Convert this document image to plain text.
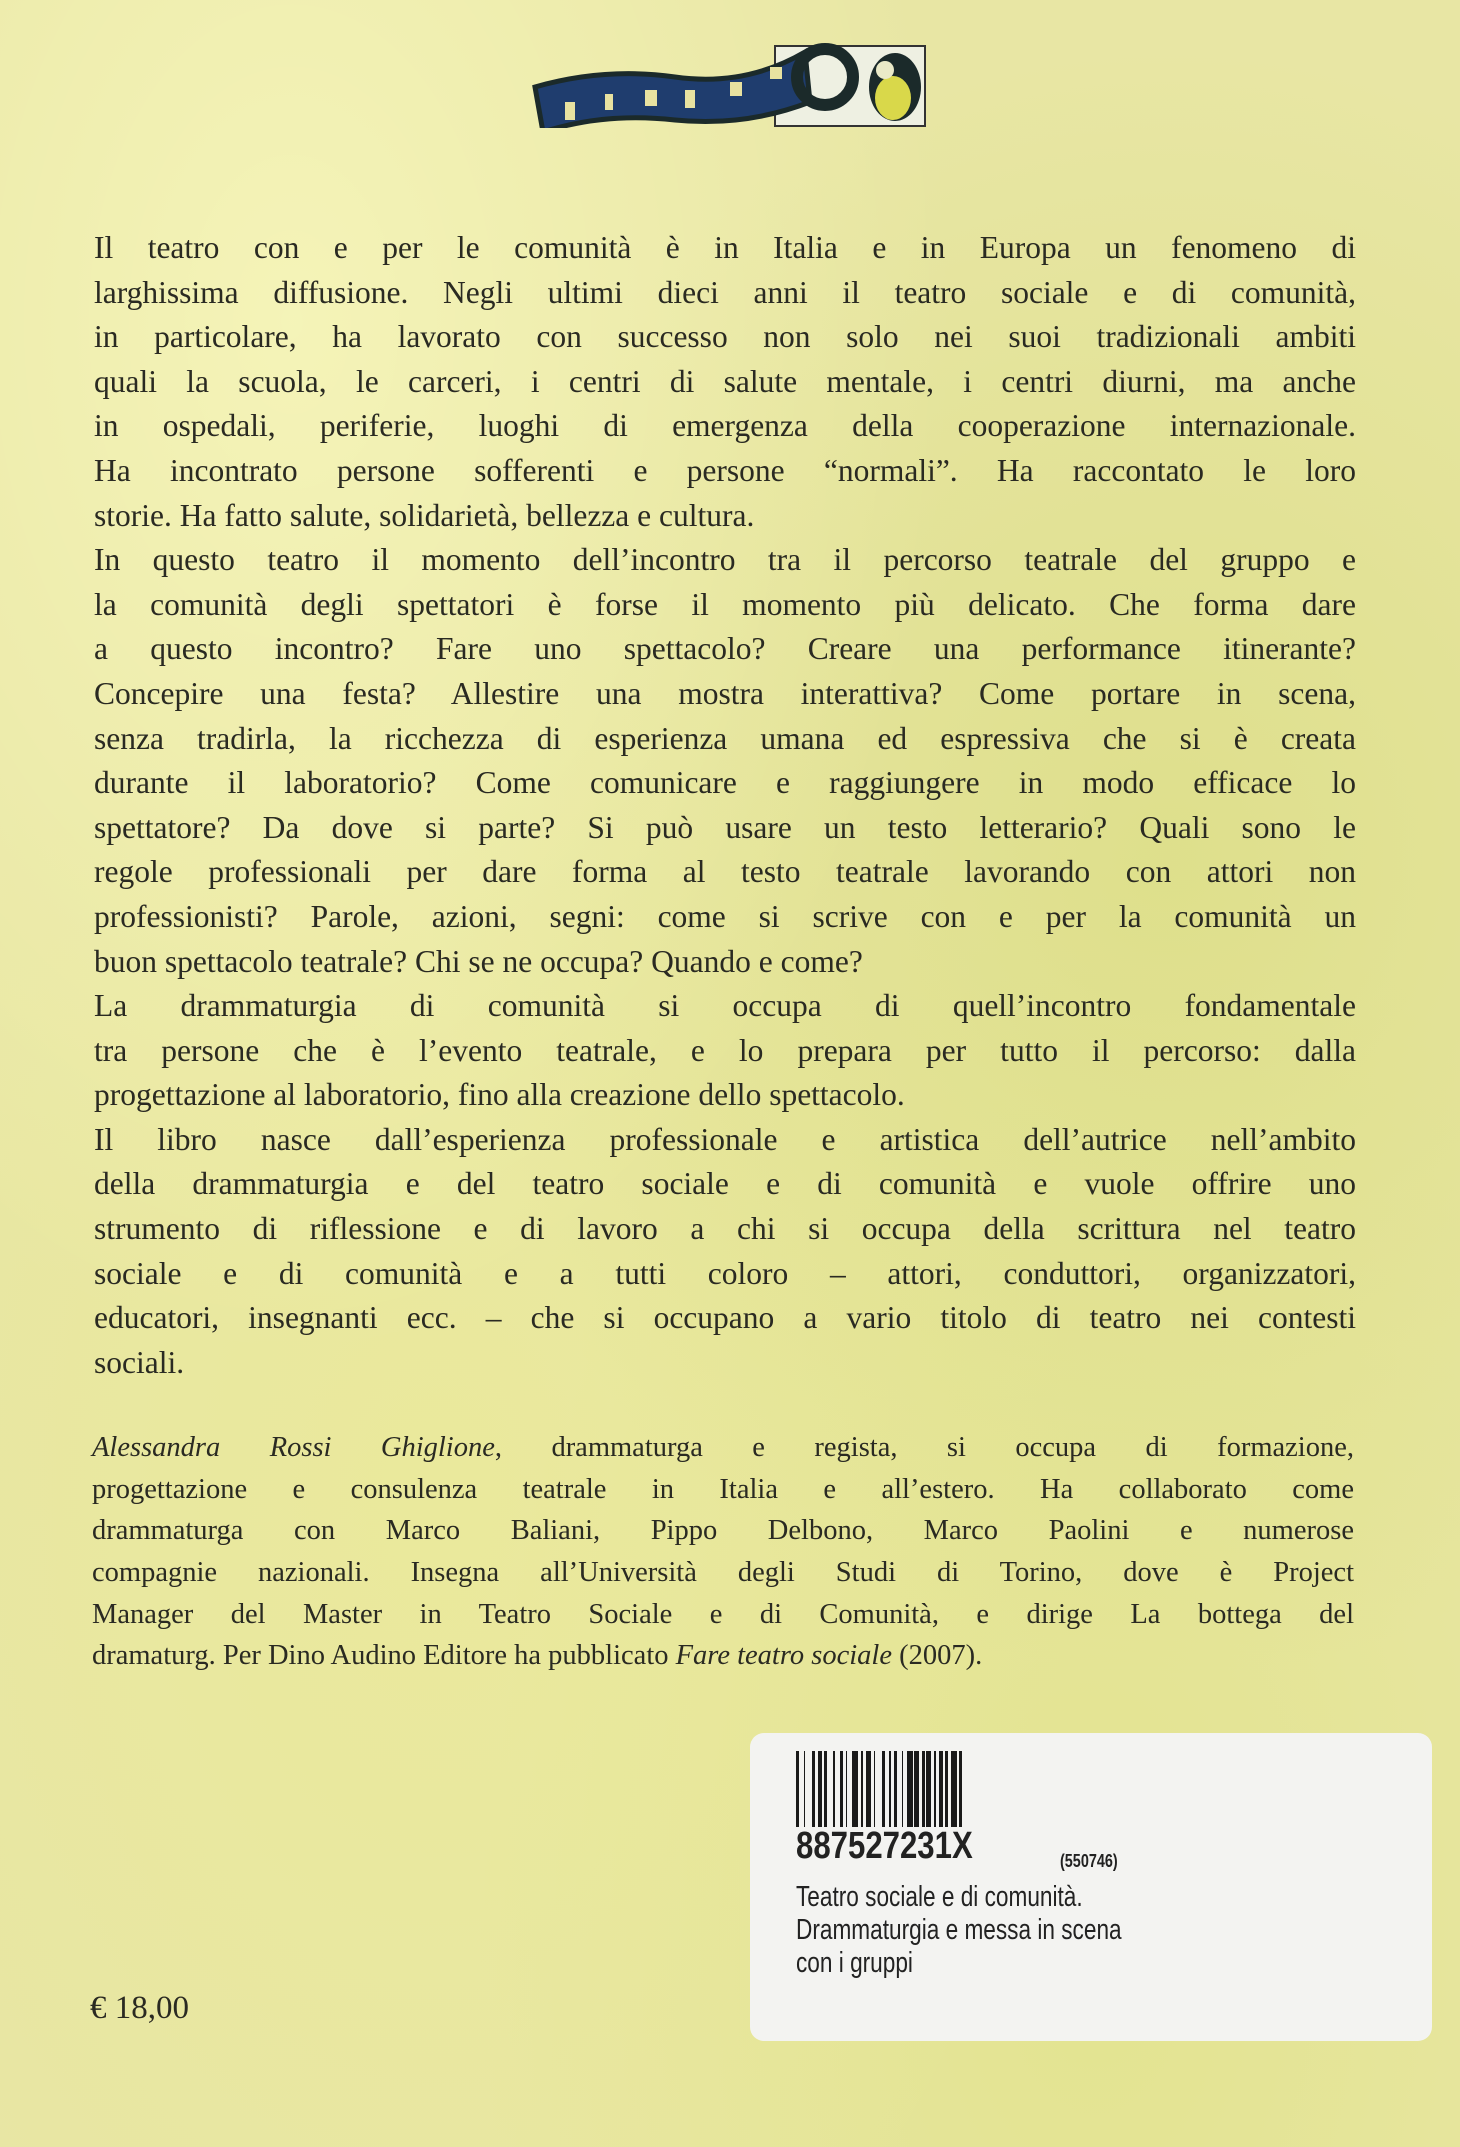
Il teatro con e per le comunità è in Italia e in Europa un fenomeno di
larghissima diffusione. Negli ultimi dieci anni il teatro sociale e di comunità,
in particolare, ha lavorato con successo non solo nei suoi tradizionali ambiti
quali la scuola, le carceri, i centri di salute mentale, i centri diurni, ma anche
in ospedali, periferie, luoghi di emergenza della cooperazione internazionale.
Ha incontrato persone sofferenti e persone “normali”. Ha raccontato le loro
storie. Ha fatto salute, solidarietà, bellezza e cultura.
In questo teatro il momento dell’incontro tra il percorso teatrale del gruppo e
la comunità degli spettatori è forse il momento più delicato. Che forma dare
a questo incontro? Fare uno spettacolo? Creare una performance itinerante?
Concepire una festa? Allestire una mostra interattiva? Come portare in scena,
senza tradirla, la ricchezza di esperienza umana ed espressiva che si è creata
durante il laboratorio? Come comunicare e raggiungere in modo efficace lo
spettatore? Da dove si parte? Si può usare un testo letterario? Quali sono le
regole professionali per dare forma al testo teatrale lavorando con attori non
professionisti? Parole, azioni, segni: come si scrive con e per la comunità un
buon spettacolo teatrale? Chi se ne occupa? Quando e come?
La drammaturgia di comunità si occupa di quell’incontro fondamentale
tra persone che è l’evento teatrale, e lo prepara per tutto il percorso: dalla
progettazione al laboratorio, fino alla creazione dello spettacolo.
Il libro nasce dall’esperienza professionale e artistica dell’autrice nell’ambito
della drammaturgia e del teatro sociale e di comunità e vuole offrire uno
strumento di riflessione e di lavoro a chi si occupa della scrittura nel teatro
sociale e di comunità e a tutti coloro – attori, conduttori, organizzatori,
educatori, insegnanti ecc. – che si occupano a vario titolo di teatro nei contesti
sociali.
Alessandra Rossi Ghiglione, drammaturga e regista, si occupa di formazione,
progettazione e consulenza teatrale in Italia e all’estero. Ha collaborato come
drammaturga con Marco Baliani, Pippo Delbono, Marco Paolini e numerose
compagnie nazionali. Insegna all’Università degli Studi di Torino, dove è Project
Manager del Master in Teatro Sociale e di Comunità, e dirige La bottega del
dramaturg. Per Dino Audino Editore ha pubblicato Fare teatro sociale (2007).
887527231X	(550746)
Teatro sociale e di comunità.
Drammaturgia e messa in scena
con i gruppi
€ 18,00
